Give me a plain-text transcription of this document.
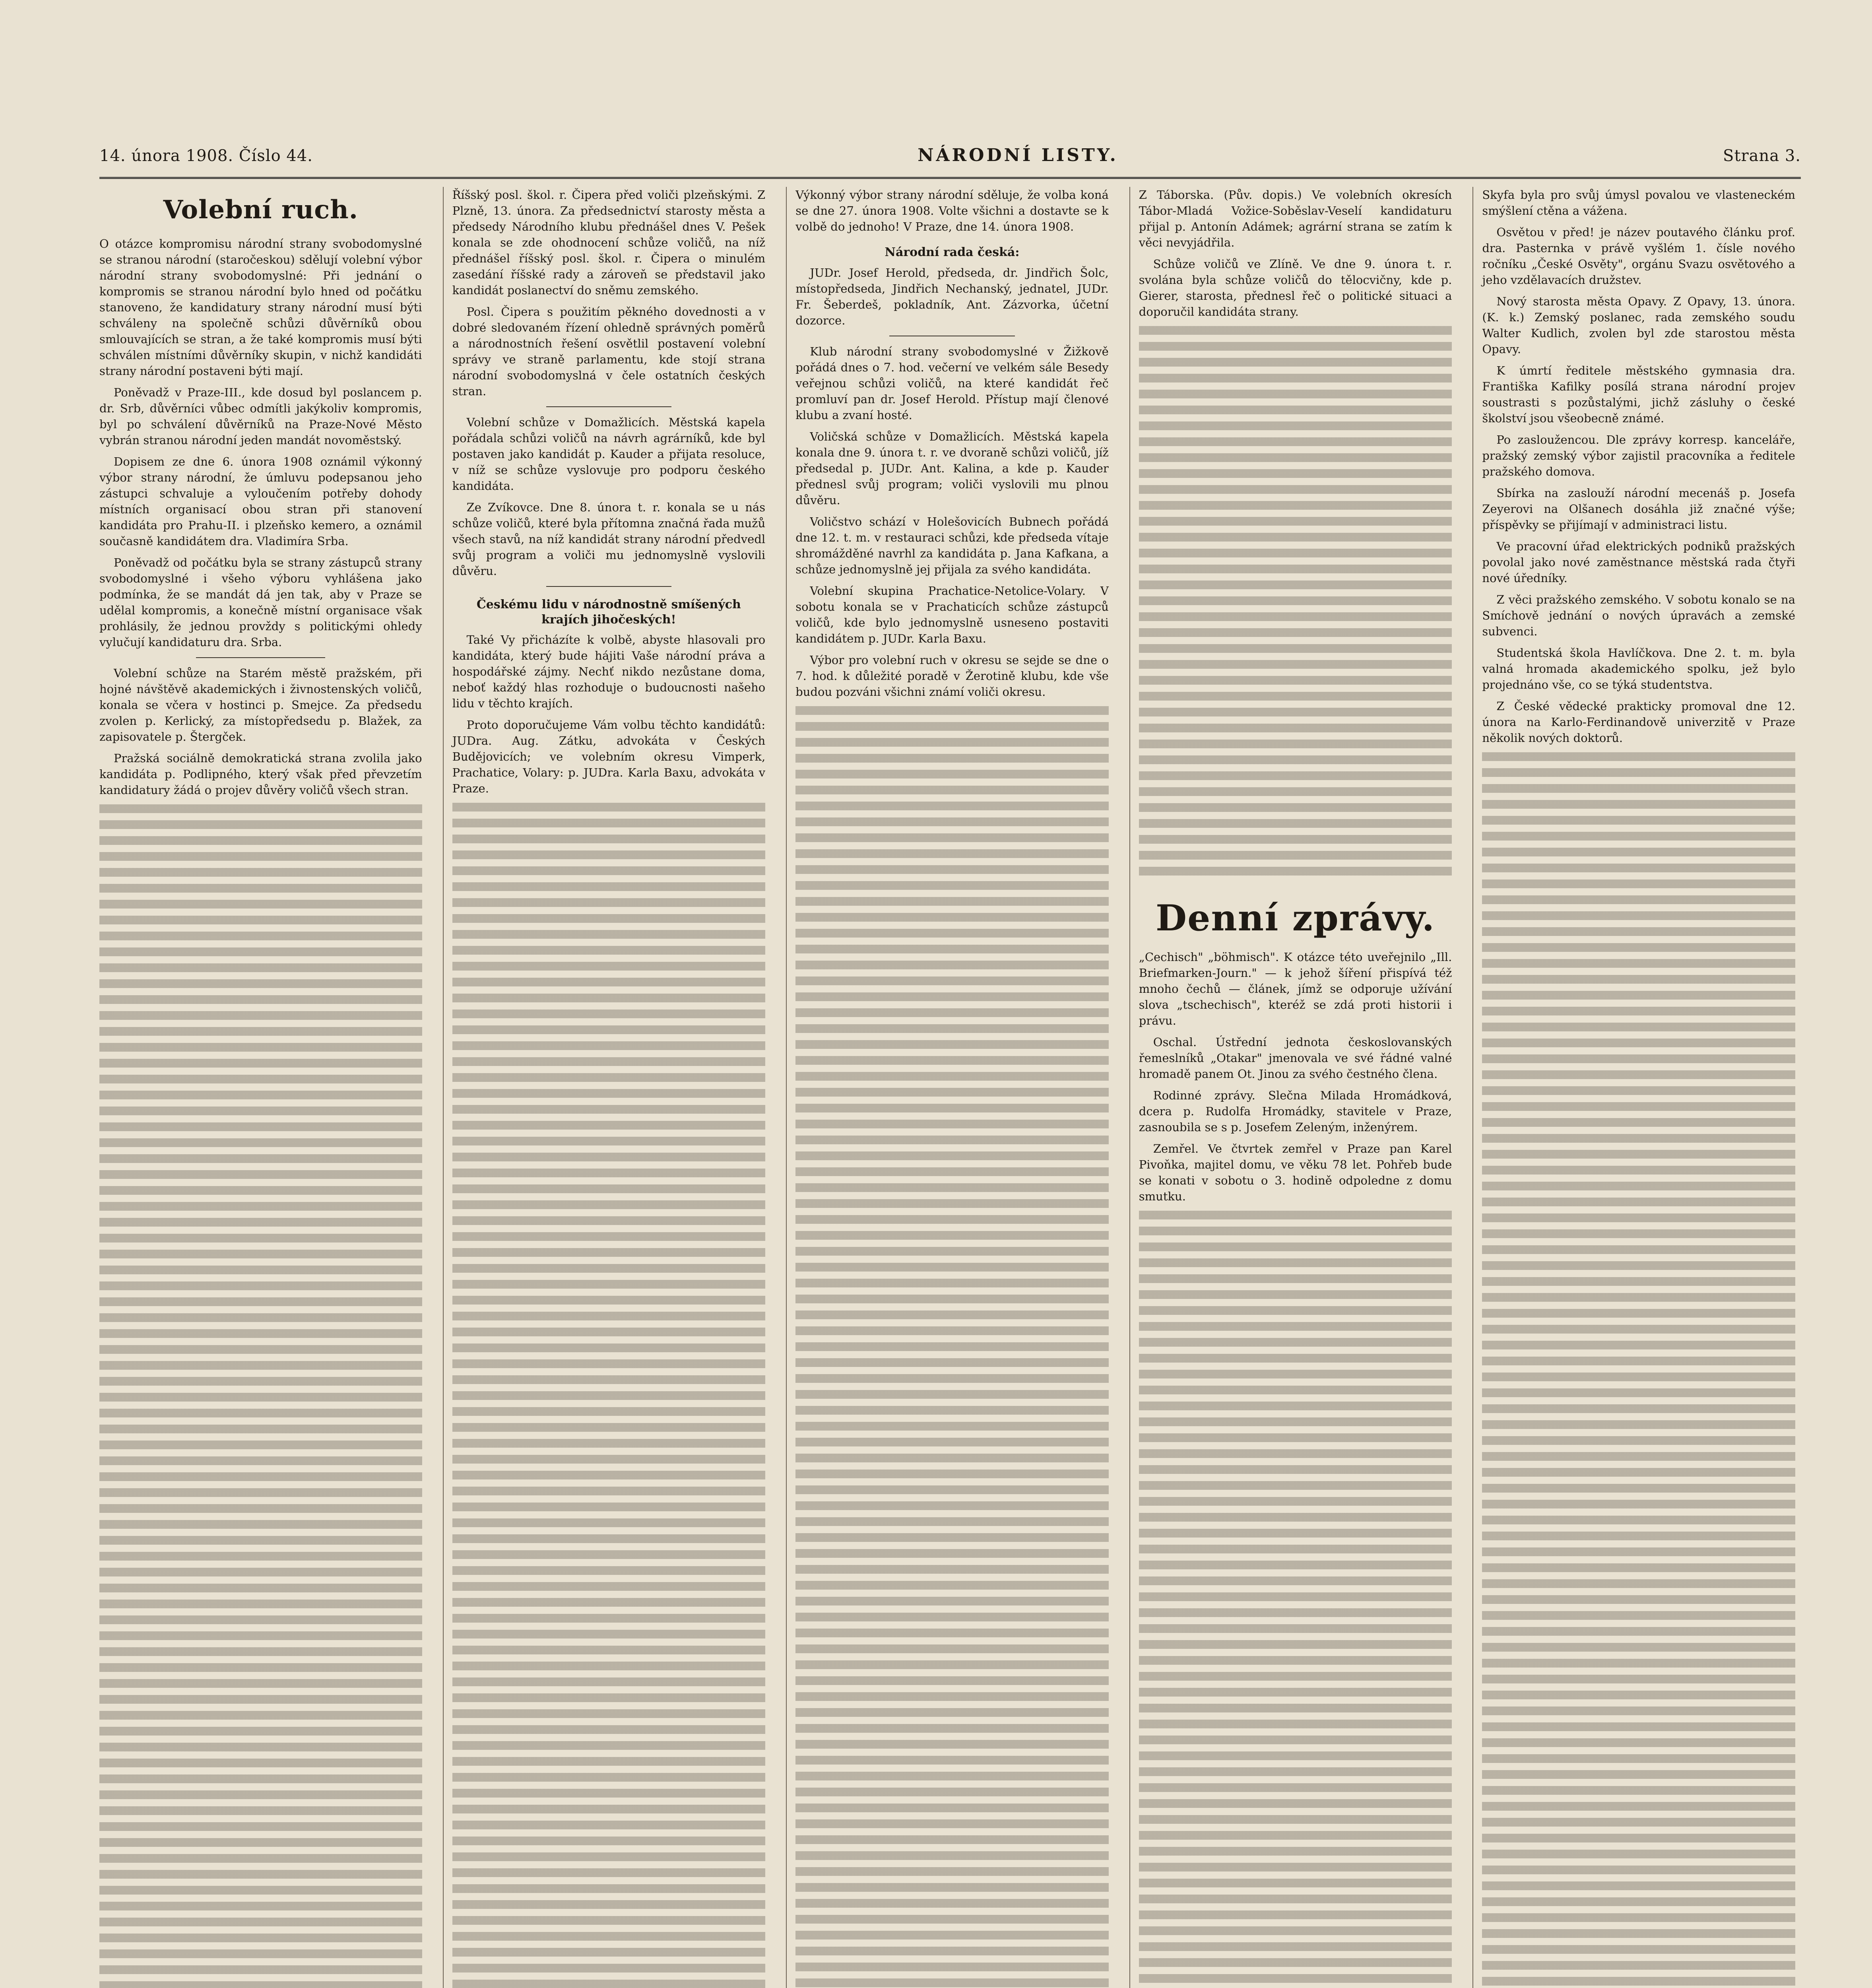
14. února 1908. Číslo 44.	NÁRODNÍ LISTY.	Strana 3.
Volební ruch.

O otázce kompromisu národní strany svobodomyslné se stranou národní (staročeskou) sdělují volební výbor národní strany svobodomyslné: Při jednání o kompromis se stranou národní bylo hned od počátku stanoveno, že kandidatury strany národní musí býti schváleny na společně schůzi důvěrníků obou smlouvajících se stran, a že také kompromis musí býti schválen místními důvěrníky skupin, v nichž kandidáti strany národní postaveni býti mají.

Poněvadž v Praze-III., kde dosud byl poslancem p. dr. Srb, důvěrníci vůbec odmítli jakýkoliv kompromis, byl po schválení důvěrníků na Praze-Nové Město vybrán stranou národní jeden mandát novoměstský.

Dopisem ze dne 6. února 1908 oznámil výkonný výbor strany národní, že úmluvu podepsanou jeho zástupci schvaluje a vyloučením potřeby dohody místních organisací obou stran při stanovení kandidáta pro Prahu-II. i plzeňsko kemero, a oznámil současně kandidátem dra. Vladimíra Srba.

Poněvadž od počátku byla se strany zástupců strany svobodomyslné i všeho výboru vyhlášena jako podmínka, že se mandát dá jen tak, aby v Praze se udělal kompromis, a konečně místní organisace však prohlásily, že jednou provždy s politickými ohledy vylučují kandidaturu dra. Srba.

Volební schůze na Starém městě pražském, při hojné návštěvě akademických i živnostenských voličů, konala se včera v hostinci p. Smejce. Za předsedu zvolen p. Kerlický, za místopředsedu p. Blažek, za zapisovatele p. Štergček.

Pražská sociálně demokratická strana zvolila jako kandidáta p. Podlipného, který však před převzetím kandidatury žádá o projev důvěry voličů všech stran.

Říšský posl. škol. r. Čipera před voliči plzeňskými. Z Plzně, 13. února. Za předsednictví starosty města a předsedy Národního klubu přednášel dnes V. Pešek konala se zde ohodnocení schůze voličů, na níž přednášel říšský posl. škol. r. Čipera o minulém zasedání říšské rady a zároveň se představil jako kandidát poslanectví do sněmu zemského.

Posl. Čipera s použitím pěkného dovednosti a v dobré sledovaném řízení ohledně správných poměrů a národnostních řešení osvětlil postavení volební správy ve straně parlamentu, kde stojí strana národní svobodomyslná v čele ostatních českých stran.

Volební schůze v Domažlicích. Městská kapela pořádala schůzi voličů na návrh agrárníků, kde byl postaven jako kandidát p. Kauder a přijata resoluce, v níž se schůze vyslovuje pro podporu českého kandidáta.

Ze Zvíkovce. Dne 8. února t. r. konala se u nás schůze voličů, které byla přítomna značná řada mužů všech stavů, na níž kandidát strany národní předvedl svůj program a voliči mu jednomyslně vyslovili důvěru.

Českému lidu v národnostně smíšených krajích jihočeských!

Také Vy přicházíte k volbě, abyste hlasovali pro kandidáta, který bude hájiti Vaše národní práva a hospodářské zájmy. Nechť nikdo nezůstane doma, neboť každý hlas rozhoduje o budoucnosti našeho lidu v těchto krajích.

Proto doporučujeme Vám volbu těchto kandidátů: JUDra. Aug. Zátku, advokáta v Českých Budějovicích; ve volebním okresu Vimperk, Prachatice, Volary: p. JUDra. Karla Baxu, advokáta v Praze.

Výkonný výbor strany národní sděluje, že volba koná se dne 27. února 1908. Volte všichni a dostavte se k volbě do jednoho! V Praze, dne 14. února 1908.

Národní rada česká:

JUDr. Josef Herold, předseda, dr. Jindřich Šolc, místopředseda, Jindřich Nechanský, jednatel, JUDr. Fr. Šeberdeš, pokladník, Ant. Zázvorka, účetní dozorce.

Klub národní strany svobodomyslné v Žižkově pořádá dnes o 7. hod. večerní ve velkém sále Besedy veřejnou schůzi voličů, na které kandidát řeč promluví pan dr. Josef Herold. Přístup mají členové klubu a zvaní hosté.

Voličská schůze v Domažlicích. Městská kapela konala dne 9. února t. r. ve dvoraně schůzi voličů, jíž předsedal p. JUDr. Ant. Kalina, a kde p. Kauder přednesl svůj program; voliči vyslovili mu plnou důvěru.

Voličstvo schází v Holešovicích Bubnech pořádá dne 12. t. m. v restauraci schůzi, kde předseda vítaje shromážděné navrhl za kandidáta p. Jana Kafkana, a schůze jednomyslně jej přijala za svého kandidáta.

Volební skupina Prachatice-Netolice-Volary. V sobotu konala se v Prachaticích schůze zástupců voličů, kde bylo jednomyslně usneseno postaviti kandidátem p. JUDr. Karla Baxu.

Výbor pro volební ruch v okresu se sejde se dne o 7. hod. k důležité poradě v Žerotině klubu, kde vše budou pozváni všichni známí voliči okresu.

Z Táborska. (Pův. dopis.) Ve volebních okresích Tábor-Mladá Vožice-Soběslav-Veselí kandidaturu přijal p. Antonín Adámek; agrární strana se zatím k věci nevyjádřila.

Schůze voličů ve Zlíně. Ve dne 9. února t. r. svolána byla schůze voličů do tělocvičny, kde p. Gierer, starosta, přednesl řeč o politické situaci a doporučil kandidáta strany.

Denní zprávy.

„Cechisch" „böhmisch". K otázce této uveřejnilo „Ill. Briefmarken-Journ." — k jehož šíření přispívá též mnoho čechů — článek, jímž se odporuje užívání slova „tschechisch", kteréž se zdá proti historii i právu.

Oschal. Ústřední jednota českoslovanských řemeslníků „Otakar" jmenovala ve své řádné valné hromadě panem Ot. Jinou za svého čestného člena.

Rodinné zprávy. Slečna Milada Hromádková, dcera p. Rudolfa Hromádky, stavitele v Praze, zasnoubila se s p. Josefem Zeleným, inženýrem.

Zemřel. Ve čtvrtek zemřel v Praze pan Karel Pivoňka, majitel domu, ve věku 78 let. Pohřeb bude se konati v sobotu o 3. hodině odpoledne z domu smutku.

Skyfa byla pro svůj úmysl povalou ve vlasteneckém smýšlení ctěna a vážena.

Osvětou v před! je název poutavého článku prof. dra. Pasternka v právě vyšlém 1. čísle nového ročníku „České Osvěty", orgánu Svazu osvětového a jeho vzdělavacích družstev.

Nový starosta města Opavy. Z Opavy, 13. února. (K. k.) Zemský poslanec, rada zemského soudu Walter Kudlich, zvolen byl zde starostou města Opavy.

K úmrtí ředitele městského gymnasia dra. Františka Kafilky posílá strana národní projev soustrasti s pozůstalými, jichž zásluhy o české školství jsou všeobecně známé.

Po zasloužencou. Dle zprávy korresp. kanceláře, pražský zemský výbor zajistil pracovníka a ředitele pražského domova.

Sbírka na zaslouží národní mecenáš p. Josefa Zeyerovi na Olšanech dosáhla již značné výše; příspěvky se přijímají v administraci listu.

Ve pracovní úřad elektrických podniků pražských povolal jako nové zaměstnance městská rada čtyři nové úředníky.

Z věci pražského zemského. V sobotu konalo se na Smíchově jednání o nových úpravách a zemské subvenci.

Studentská škola Havlíčkova. Dne 2. t. m. byla valná hromada akademického spolku, jež bylo projednáno vše, co se týká studentstva.

Z České vědecké prakticky promoval dne 12. února na Karlo-Ferdinandově univerzitě v Praze několik nových doktorů.
